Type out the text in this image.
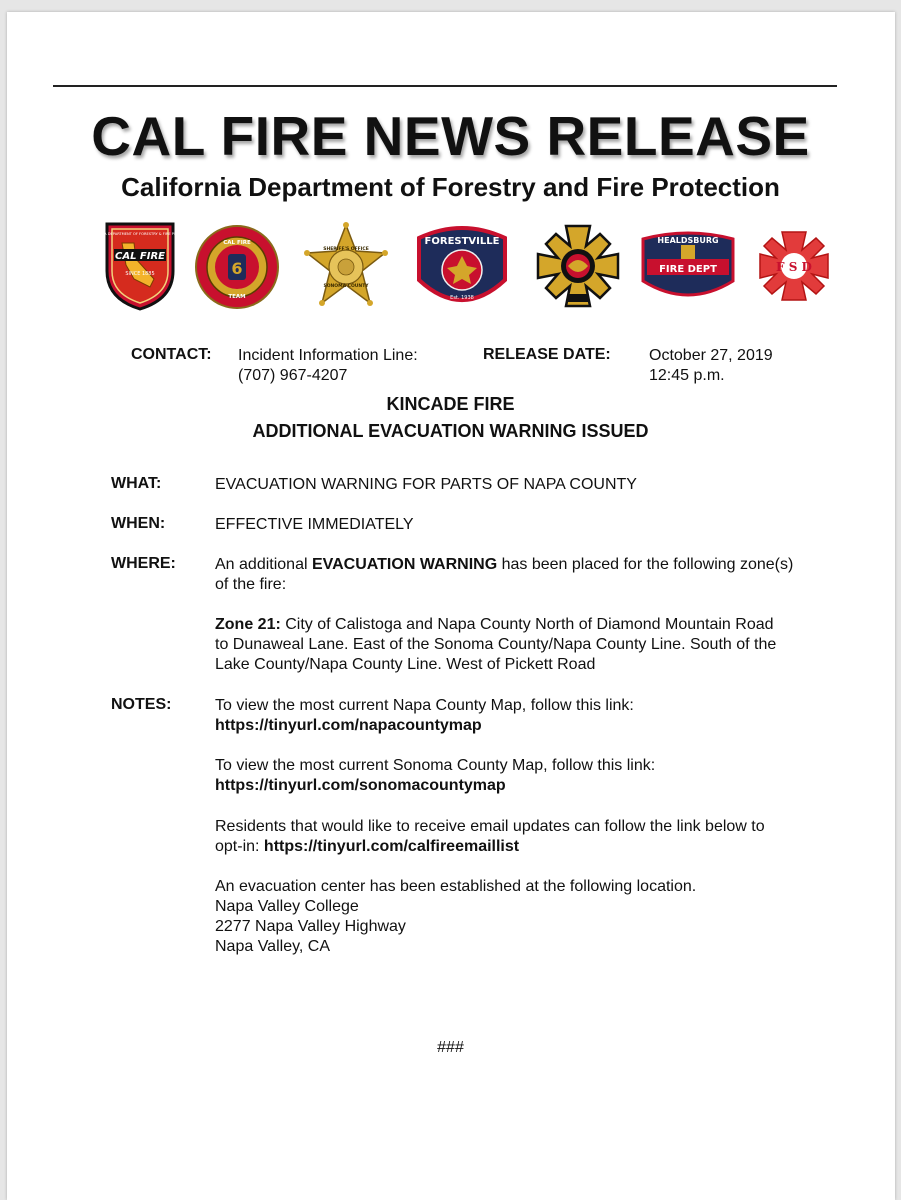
CAL FIRE NEWS RELEASE
California Department of Forestry and Fire Protection
CALIFORNIA DEPARTMENT OF FORESTRY & FIRE PROTECTION
CAL FIRE
SINCE 1885	6
CAL FIRE
TEAM
SHERIFF'S OFFICE
SONOMA COUNTY
FORESTVILLE
Est. 1938
HEALDSBURG
FIRE DEPT	F S D
CONTACT: Incident Information Line:
(707) 967-4207
RELEASE DATE: October 27, 2019
12:45 p.m.
KINCADE FIRE
ADDITIONAL EVACUATION WARNING ISSUED
WHAT:	EVACUATION WARNING FOR PARTS OF NAPA COUNTY
WHEN:	EFFECTIVE IMMEDIATELY
WHERE: An additional EVACUATION WARNING has been placed for the following zone(s) of the fire:
Zone 21: City of Calistoga and Napa County North of Diamond Mountain Road to Dunaweal Lane. East of the Sonoma County/Napa County Line. South of the Lake County/Napa County Line. West of Pickett Road
NOTES:	To view the most current Napa County Map, follow this link:
https://tinyurl.com/napacountymap
To view the most current Sonoma County Map, follow this link:
https://tinyurl.com/sonomacountymap
Residents that would like to receive email updates can follow the link below to opt-in: https://tinyurl.com/calfireemaillist
An evacuation center has been established at the following location.
Napa Valley College
2277 Napa Valley Highway
Napa Valley, CA
###
